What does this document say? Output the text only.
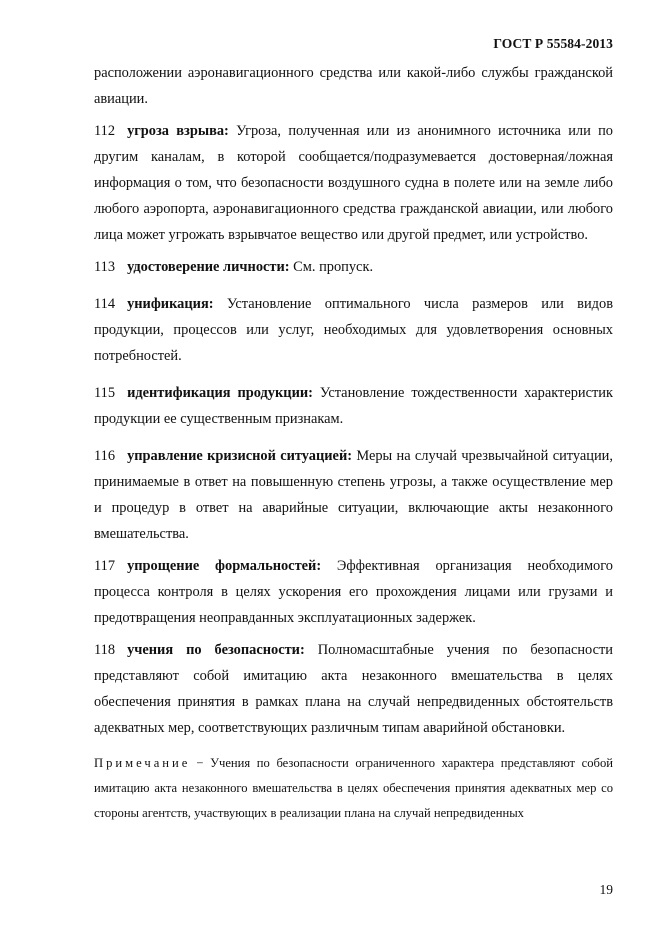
ГОСТ Р 55584-2013
расположении аэронавигационного средства или какой-либо службы гражданской авиации.
112 угроза взрыва: Угроза, полученная или из анонимного источника или по другим каналам, в которой сообщается/подразумевается достоверная/ложная информация о том, что безопасности воздушного судна в полете или на земле либо любого аэропорта, аэронавигационного средства гражданской авиации, или любого лица может угрожать взрывчатое вещество или другой предмет, или устройство.
113 удостоверение личности: См. пропуск.
114 унификация: Установление оптимального числа размеров или видов продукции, процессов или услуг, необходимых для удовлетворения основных потребностей.
115 идентификация продукции: Установление тождественности характеристик продукции ее существенным признакам.
116 управление кризисной ситуацией: Меры на случай чрезвычайной ситуации, принимаемые в ответ на повышенную степень угрозы, а также осуществление мер и процедур в ответ на аварийные ситуации, включающие акты незаконного вмешательства.
117 упрощение формальностей: Эффективная организация необходимого процесса контроля в целях ускорения его прохождения лицами или грузами и предотвращения неоправданных эксплуатационных задержек.
118 учения по безопасности: Полномасштабные учения по безопасности представляют собой имитацию акта незаконного вмешательства в целях обеспечения принятия в рамках плана на случай непредвиденных обстоятельств адекватных мер, соответствующих различным типам аварийной обстановки.
Примечание − Учения по безопасности ограниченного характера представляют собой имитацию акта незаконного вмешательства в целях обеспечения принятия адекватных мер со стороны агентств, участвующих в реализации плана на случай непредвиденных
19
